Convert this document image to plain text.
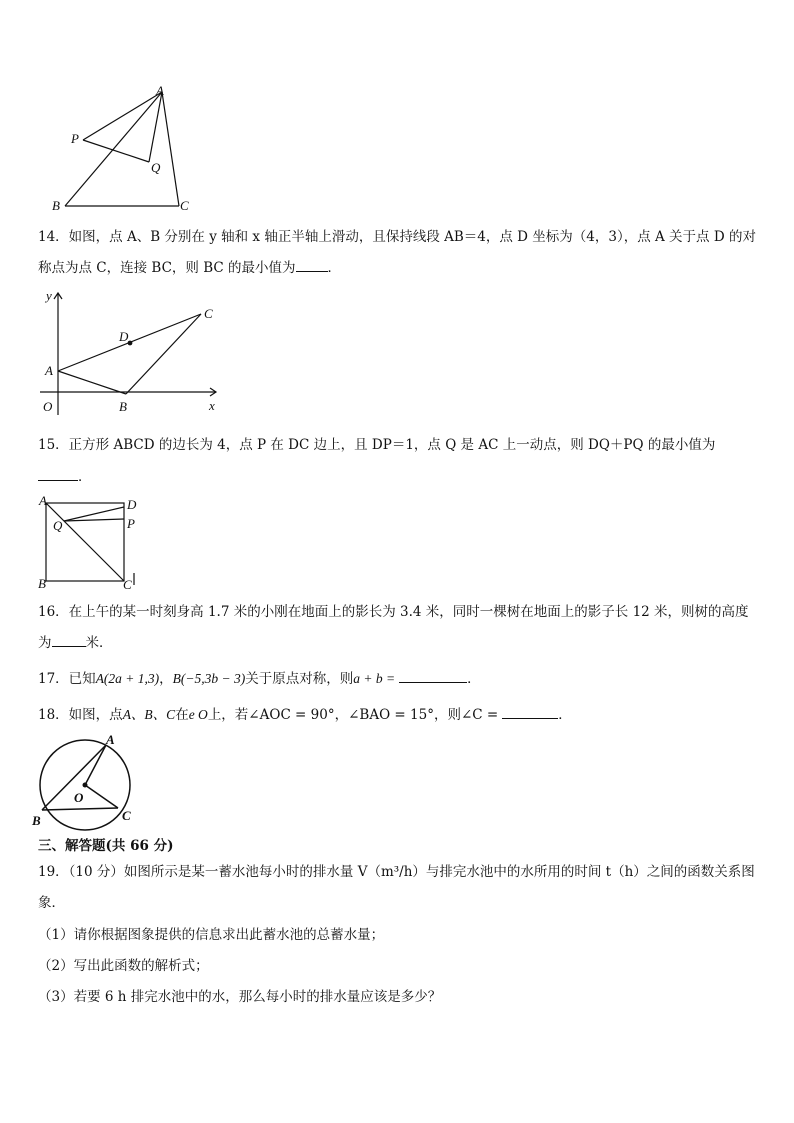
A
P
Q
B	C
14．如图，点 A、B 分别在 y 轴和 x 轴正半轴上滑动，且保持线段 AB＝4，点 D 坐标为（4，3），点 A 关于点 D 的对
称点为点 C，连接 BC，则 BC 的最小值为 ．
y
x
O
A
B
C
D
15．正方形 ABCD 的边长为 4，点 P 在 DC 边上，且 DP＝1，点 Q 是 AC 上一动点，则 DQ＋PQ 的最小值为
．
A	D
Q	P
B	C
16．在上午的某一时刻身高 1.7 米的小刚在地面上的影长为 3.4 米，同时一棵树在地面上的影子长 12 米，则树的高度
为	米．
17．已知A(2a + 1,3)，B(−5,3b − 3)关于原点对称，则a + b =	．
18．如图，点A、B、C在e O上，若∠AOC = 90°，∠BAO = 15°，则∠C =	．
A
O
B	C
三、解答题(共 66 分)
19．（10 分）如图所示是某一蓄水池每小时的排水量 V（m³/h）与排完水池中的水所用的时间 t（h）之间的函数关系图
象．
（1）请你根据图象提供的信息求出此蓄水池的总蓄水量；
（2）写出此函数的解析式；
（3）若要 6 h 排完水池中的水，那么每小时的排水量应该是多少？
